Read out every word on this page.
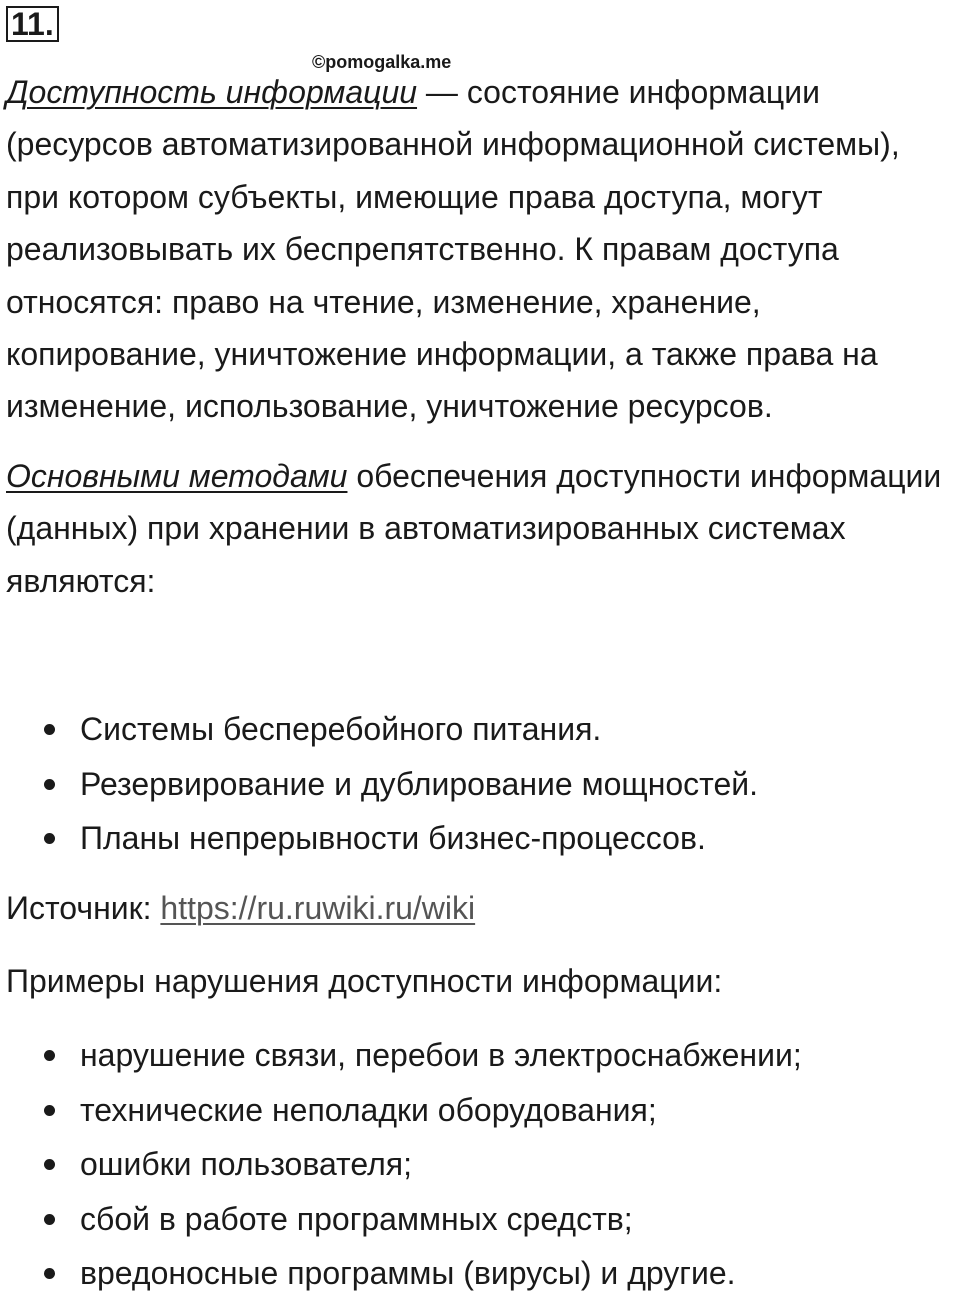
11.
©pomogalka.me

Доступность информации — состояние информации (ресурсов автоматизированной информационной системы), при котором субъекты, имеющие права доступа, могут реализовывать их беспрепятственно. К правам доступа относятся: право на чтение, изменение, хранение, копирование, уничтожение информации, а также права на изменение, использование, уничтожение ресурсов.

Основными методами обеспечения доступности информации (данных) при хранении в автоматизированных системах являются:

Системы бесперебойного питания.
Резервирование и дублирование мощностей.
Планы непрерывности бизнес-процессов.
Источник: https://ru.ruwiki.ru/wiki
Примеры нарушения доступности информации:
нарушение связи, перебои в электроснабжении;
технические неполадки оборудования;
ошибки пользователя;
сбой в работе программных средств;
вредоносные программы (вирусы) и другие.
